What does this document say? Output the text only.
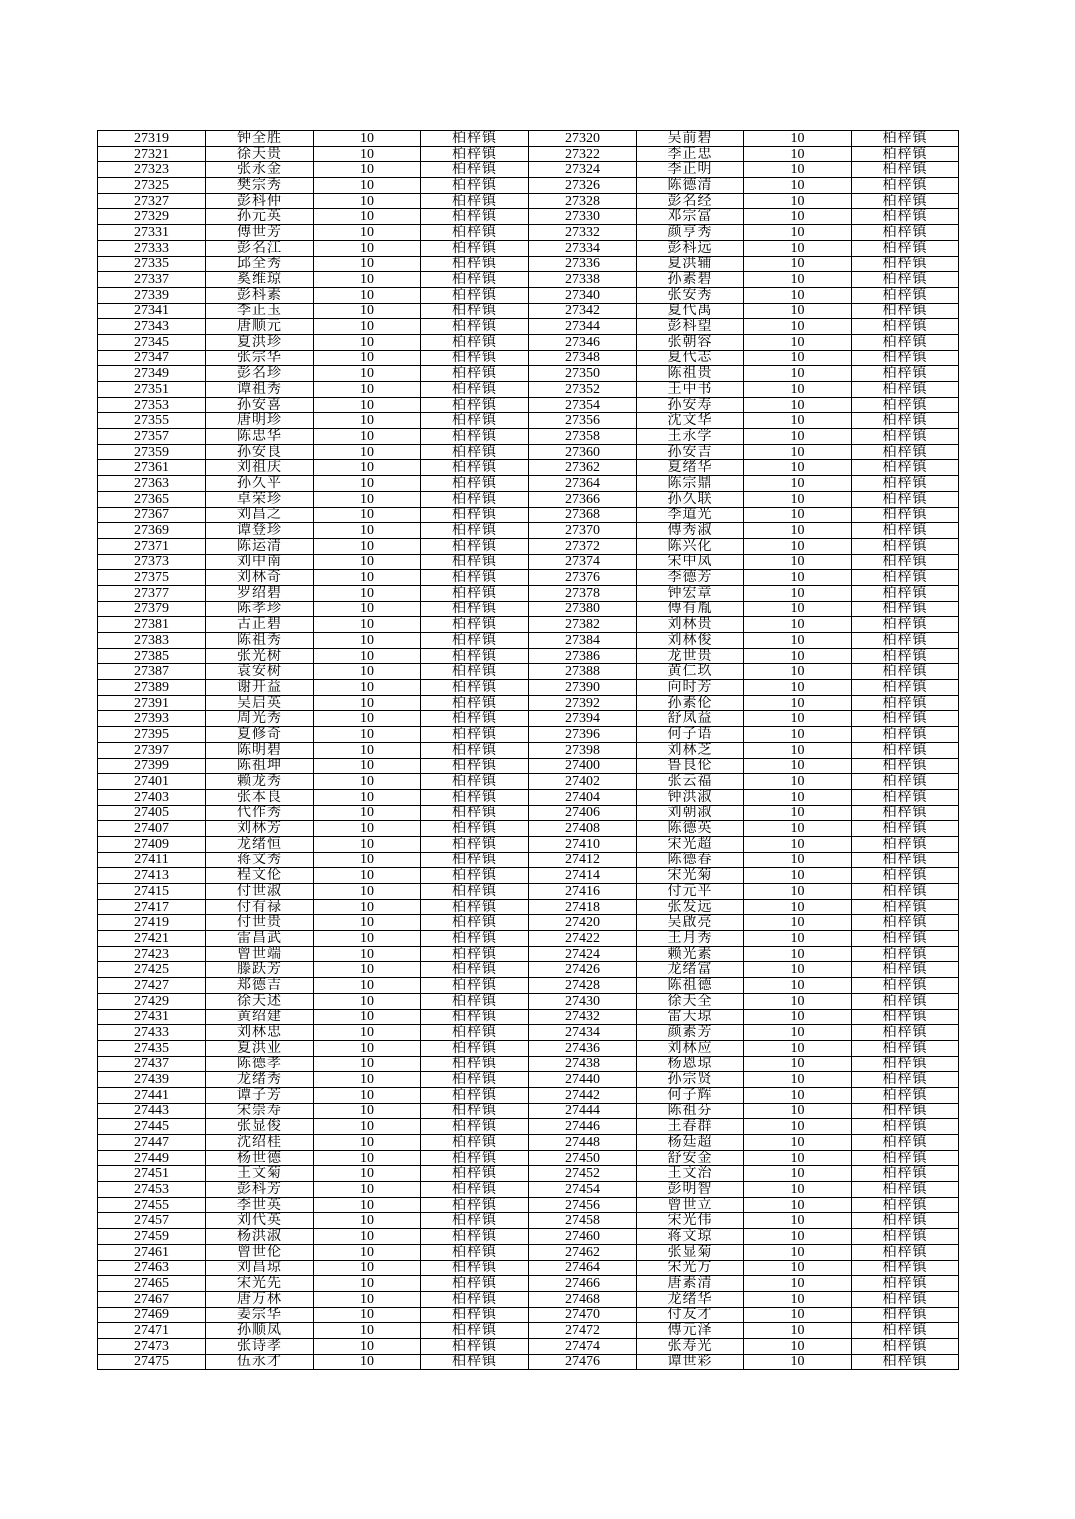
27319	钟全胜	10	柏梓镇	27320	吴前碧	10	柏梓镇
27321	徐天贵	10	柏梓镇	27322	李正忠	10	柏梓镇
27323	张永金	10	柏梓镇	27324	李正明	10	柏梓镇
27325	樊宗秀	10	柏梓镇	27326	陈德清	10	柏梓镇
27327	彭科仲	10	柏梓镇	27328	彭名经	10	柏梓镇
27329	孙元英	10	柏梓镇	27330	邓宗富	10	柏梓镇
27331	傅世芳	10	柏梓镇	27332	颜亨秀	10	柏梓镇
27333	彭名江	10	柏梓镇	27334	彭科远	10	柏梓镇
27335	邱全秀	10	柏梓镇	27336	夏洪辅	10	柏梓镇
27337	奚维琼	10	柏梓镇	27338	孙素碧	10	柏梓镇
27339	彭科素	10	柏梓镇	27340	张安秀	10	柏梓镇
27341	李正玉	10	柏梓镇	27342	夏代禹	10	柏梓镇
27343	唐顺元	10	柏梓镇	27344	彭科望	10	柏梓镇
27345	夏洪珍	10	柏梓镇	27346	张朝容	10	柏梓镇
27347	张宗华	10	柏梓镇	27348	夏代志	10	柏梓镇
27349	彭名珍	10	柏梓镇	27350	陈祖贵	10	柏梓镇
27351	谭祖秀	10	柏梓镇	27352	王中书	10	柏梓镇
27353	孙安喜	10	柏梓镇	27354	孙安寿	10	柏梓镇
27355	唐明珍	10	柏梓镇	27356	沈文华	10	柏梓镇
27357	陈忠华	10	柏梓镇	27358	王永学	10	柏梓镇
27359	孙安良	10	柏梓镇	27360	孙安吉	10	柏梓镇
27361	刘祖庆	10	柏梓镇	27362	夏绪华	10	柏梓镇
27363	孙久平	10	柏梓镇	27364	陈宗鼎	10	柏梓镇
27365	卓荣珍	10	柏梓镇	27366	孙久联	10	柏梓镇
27367	刘昌之	10	柏梓镇	27368	李道光	10	柏梓镇
27369	谭登珍	10	柏梓镇	27370	傅秀淑	10	柏梓镇
27371	陈运清	10	柏梓镇	27372	陈兴化	10	柏梓镇
27373	刘中南	10	柏梓镇	27374	宋中凤	10	柏梓镇
27375	刘林奇	10	柏梓镇	27376	李德芳	10	柏梓镇
27377	罗绍碧	10	柏梓镇	27378	钟宏章	10	柏梓镇
27379	陈孝珍	10	柏梓镇	27380	傅有胤	10	柏梓镇
27381	古正碧	10	柏梓镇	27382	刘林贵	10	柏梓镇
27383	陈祖秀	10	柏梓镇	27384	刘林俊	10	柏梓镇
27385	张光树	10	柏梓镇	27386	龙世贵	10	柏梓镇
27387	袁安树	10	柏梓镇	27388	黄仁玖	10	柏梓镇
27389	谢开益	10	柏梓镇	27390	向时芳	10	柏梓镇
27391	吴启英	10	柏梓镇	27392	孙素伦	10	柏梓镇
27393	周光秀	10	柏梓镇	27394	舒凤益	10	柏梓镇
27395	夏修奇	10	柏梓镇	27396	何子语	10	柏梓镇
27397	陈明碧	10	柏梓镇	27398	刘林芝	10	柏梓镇
27399	陈祖坤	10	柏梓镇	27400	鲁良伦	10	柏梓镇
27401	赖龙秀	10	柏梓镇	27402	张云福	10	柏梓镇
27403	张本良	10	柏梓镇	27404	钟洪淑	10	柏梓镇
27405	代作秀	10	柏梓镇	27406	刘朝淑	10	柏梓镇
27407	刘林芳	10	柏梓镇	27408	陈德英	10	柏梓镇
27409	龙绪恒	10	柏梓镇	27410	宋光超	10	柏梓镇
27411	蒋文秀	10	柏梓镇	27412	陈德春	10	柏梓镇
27413	程文伦	10	柏梓镇	27414	宋光菊	10	柏梓镇
27415	付世淑	10	柏梓镇	27416	付元平	10	柏梓镇
27417	付有禄	10	柏梓镇	27418	张发远	10	柏梓镇
27419	付世贵	10	柏梓镇	27420	吴啟亮	10	柏梓镇
27421	雷昌武	10	柏梓镇	27422	王月秀	10	柏梓镇
27423	曾世端	10	柏梓镇	27424	赖光素	10	柏梓镇
27425	滕跃芳	10	柏梓镇	27426	龙绪富	10	柏梓镇
27427	郑德吉	10	柏梓镇	27428	陈祖德	10	柏梓镇
27429	徐天述	10	柏梓镇	27430	徐天全	10	柏梓镇
27431	黄绍建	10	柏梓镇	27432	雷天琼	10	柏梓镇
27433	刘林忠	10	柏梓镇	27434	颜素芳	10	柏梓镇
27435	夏洪业	10	柏梓镇	27436	刘林应	10	柏梓镇
27437	陈德孝	10	柏梓镇	27438	杨恩琼	10	柏梓镇
27439	龙绪秀	10	柏梓镇	27440	孙宗贤	10	柏梓镇
27441	谭子芳	10	柏梓镇	27442	何子辉	10	柏梓镇
27443	宋崇寿	10	柏梓镇	27444	陈祖芬	10	柏梓镇
27445	张显俊	10	柏梓镇	27446	王春群	10	柏梓镇
27447	沈绍桂	10	柏梓镇	27448	杨廷超	10	柏梓镇
27449	杨世德	10	柏梓镇	27450	舒安金	10	柏梓镇
27451	王文菊	10	柏梓镇	27452	王文治	10	柏梓镇
27453	彭科芳	10	柏梓镇	27454	彭明智	10	柏梓镇
27455	李世英	10	柏梓镇	27456	曾世立	10	柏梓镇
27457	刘代英	10	柏梓镇	27458	宋光伟	10	柏梓镇
27459	杨洪淑	10	柏梓镇	27460	蒋文琼	10	柏梓镇
27461	曾世伦	10	柏梓镇	27462	张显菊	10	柏梓镇
27463	刘昌琼	10	柏梓镇	27464	宋光方	10	柏梓镇
27465	宋光先	10	柏梓镇	27466	唐素清	10	柏梓镇
27467	唐万林	10	柏梓镇	27468	龙绪华	10	柏梓镇
27469	姜宗华	10	柏梓镇	27470	付友才	10	柏梓镇
27471	孙顺凤	10	柏梓镇	27472	傅元泽	10	柏梓镇
27473	张诗孝	10	柏梓镇	27474	张寿光	10	柏梓镇
27475	伍永才	10	柏梓镇	27476	谭世彩	10	柏梓镇
